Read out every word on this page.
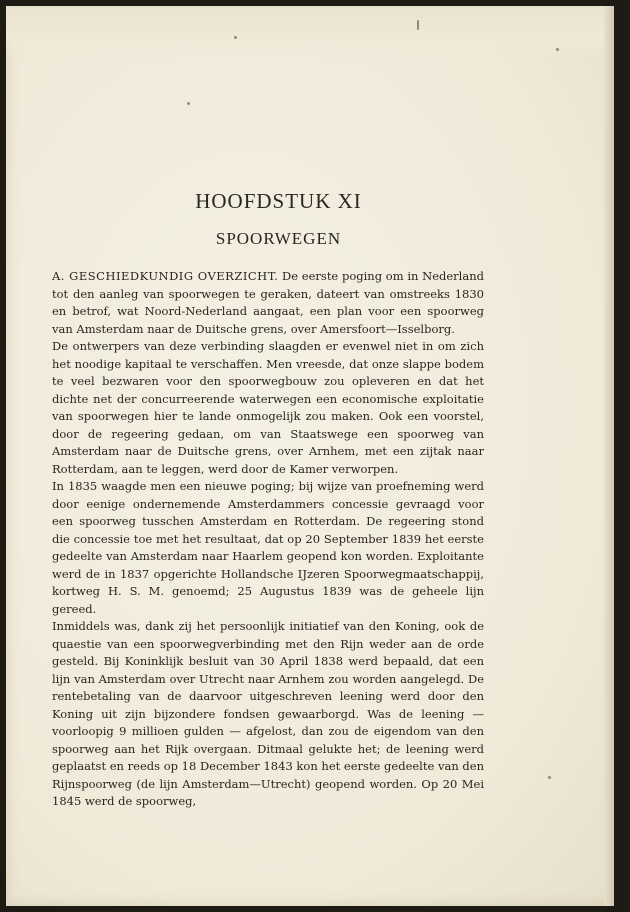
HOOFDSTUK XI
SPOORWEGEN

A. GESCHIEDKUNDIG OVERZICHT. De eerste poging om in Nederland tot den aanleg van spoorwegen te geraken, dateert van omstreeks 1830 en betrof, wat Noord-Nederland aangaat, een plan voor een spoorweg van Amsterdam naar de Duitsche grens, over Amersfoort—Isselborg.

De ontwerpers van deze verbinding slaagden er evenwel niet in om zich het noodige kapitaal te verschaffen. Men vreesde, dat onze slappe bodem te veel bezwaren voor den spoorwegbouw zou opleveren en dat het dichte net der concurreerende waterwegen een economische exploitatie van spoorwegen hier te lande onmogelijk zou maken. Ook een voorstel, door de regeering gedaan, om van Staatswege een spoorweg van Amsterdam naar de Duitsche grens, over Arnhem, met een zijtak naar Rotterdam, aan te leggen, werd door de Kamer verworpen.

In 1835 waagde men een nieuwe poging; bij wijze van proefneming werd door eenige ondernemende Amsterdammers concessie gevraagd voor een spoorweg tusschen Amsterdam en Rotterdam. De regeering stond die concessie toe met het resultaat, dat op 20 September 1839 het eerste gedeelte van Amsterdam naar Haarlem geopend kon worden. Exploitante werd de in 1837 opgerichte Hollandsche IJzeren Spoorwegmaatschappij, kortweg H. S. M. genoemd; 25 Augustus 1839 was de geheele lijn gereed.

Inmiddels was, dank zij het persoonlijk initiatief van den Koning, ook de quaestie van een spoorwegverbinding met den Rijn weder aan de orde gesteld. Bij Koninklijk besluit van 30 April 1838 werd bepaald, dat een lijn van Amsterdam over Utrecht naar Arnhem zou worden aangelegd. De rentebetaling van de daarvoor uitgeschreven leening werd door den Koning uit zijn bijzondere fondsen gewaarborgd. Was de leening — voorloopig 9 millioen gulden — afgelost, dan zou de eigendom van den spoorweg aan het Rijk overgaan. Ditmaal gelukte het; de leening werd geplaatst en reeds op 18 December 1843 kon het eerste gedeelte van den Rijnspoorweg (de lijn Amsterdam—Utrecht) geopend worden. Op 20 Mei 1845 werd de spoorweg,
